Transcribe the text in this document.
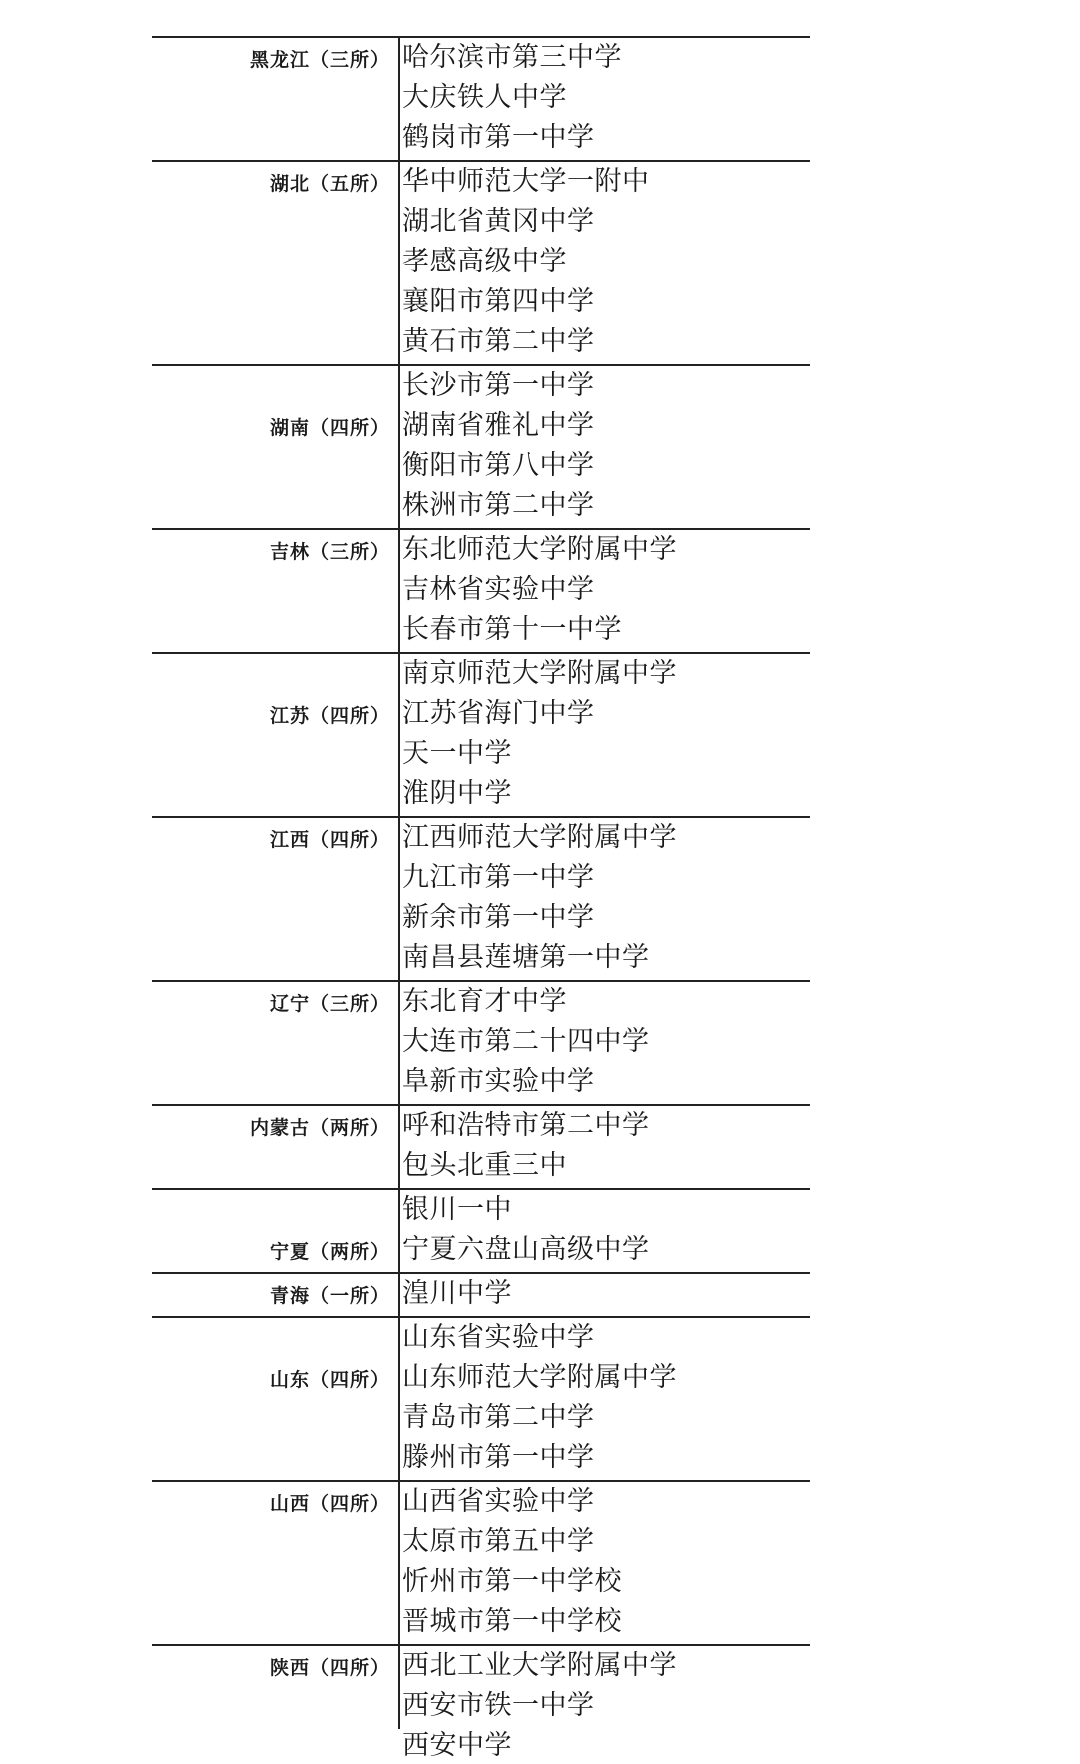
黑龙江（三所） 哈尔滨市第三中学
大庆铁人中学
鹤岗市第一中学
湖北（五所） 华中师范大学一附中
湖北省黄冈中学
孝感高级中学
襄阳市第四中学
黄石市第二中学
湖南（四所）
长沙市第一中学
湖南省雅礼中学
衡阳市第八中学
株洲市第二中学
吉林（三所） 东北师范大学附属中学
吉林省实验中学
长春市第十一中学
江苏（四所）
南京师范大学附属中学
江苏省海门中学
天一中学
淮阴中学
江西（四所） 江西师范大学附属中学
九江市第一中学
新余市第一中学
南昌县莲塘第一中学
辽宁（三所） 东北育才中学
大连市第二十四中学
阜新市实验中学
内蒙古（两所） 呼和浩特市第二中学
包头北重三中
宁夏（两所）
银川一中
宁夏六盘山高级中学
青海（一所） 湟川中学
山东（四所）
山东省实验中学
山东师范大学附属中学
青岛市第二中学
滕州市第一中学
山西（四所） 山西省实验中学
太原市第五中学
忻州市第一中学校
晋城市第一中学校
陕西（四所） 西北工业大学附属中学
西安市铁一中学
西安中学
